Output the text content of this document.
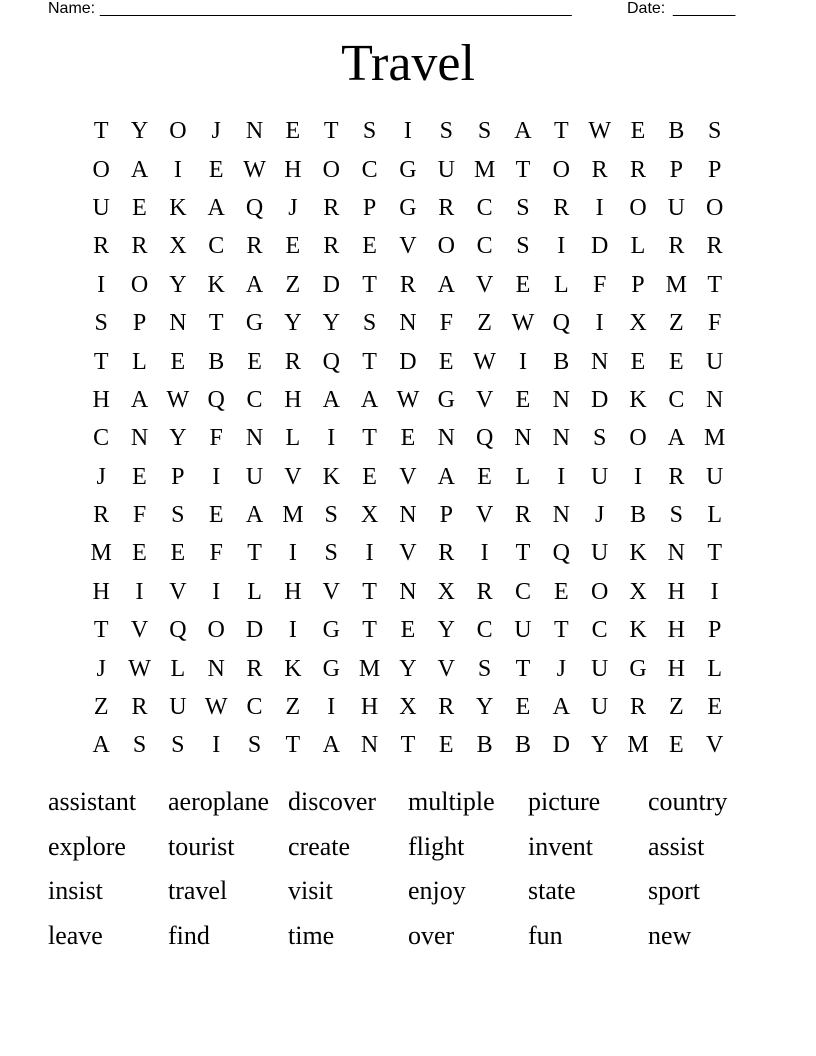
Name: _____________________________________________________	Date: _______
Travel
T Y O	J	N E T	S	I	S	S A T W E B S
O A	I	E W H O C G U M T O R R P	P
U E K A Q	J	R P G R C S R	I	O U O
R R X C R E R E V O C S	I	D L R R
I	O Y K A Z D T R A V E L	F	P M T
S	P N T G Y Y S N F	Z W Q	I	X Z	F
T L E B E R Q T D E W I	B N E E U
H A W Q C H A A W G V E N D K C N
C N Y F N L	I	T E N Q N N S O A M
J	E	P	I	U V K E V A E L	I	U	I	R U
R F	S	E A M S X N P V R N	J	B S	L
M E E	F	T	I	S	I	V R	I	T Q U K N T
H	I	V	I	L H V T N X R C E O X H	I
T V Q O D	I	G T E Y C U T C K H P
J W L N R K G M Y V S	T	J	U G H L
Z R U W C Z	I	H X R Y E A U R Z E
A S	S	I	S	T A N T E B B D Y M E V
assistant	aeroplane discover	multiple	picture	country
explore	tourist	create	flight	invent	assist
insist	travel	visit	enjoy	state	sport
leave	find	time	over	fun	new
